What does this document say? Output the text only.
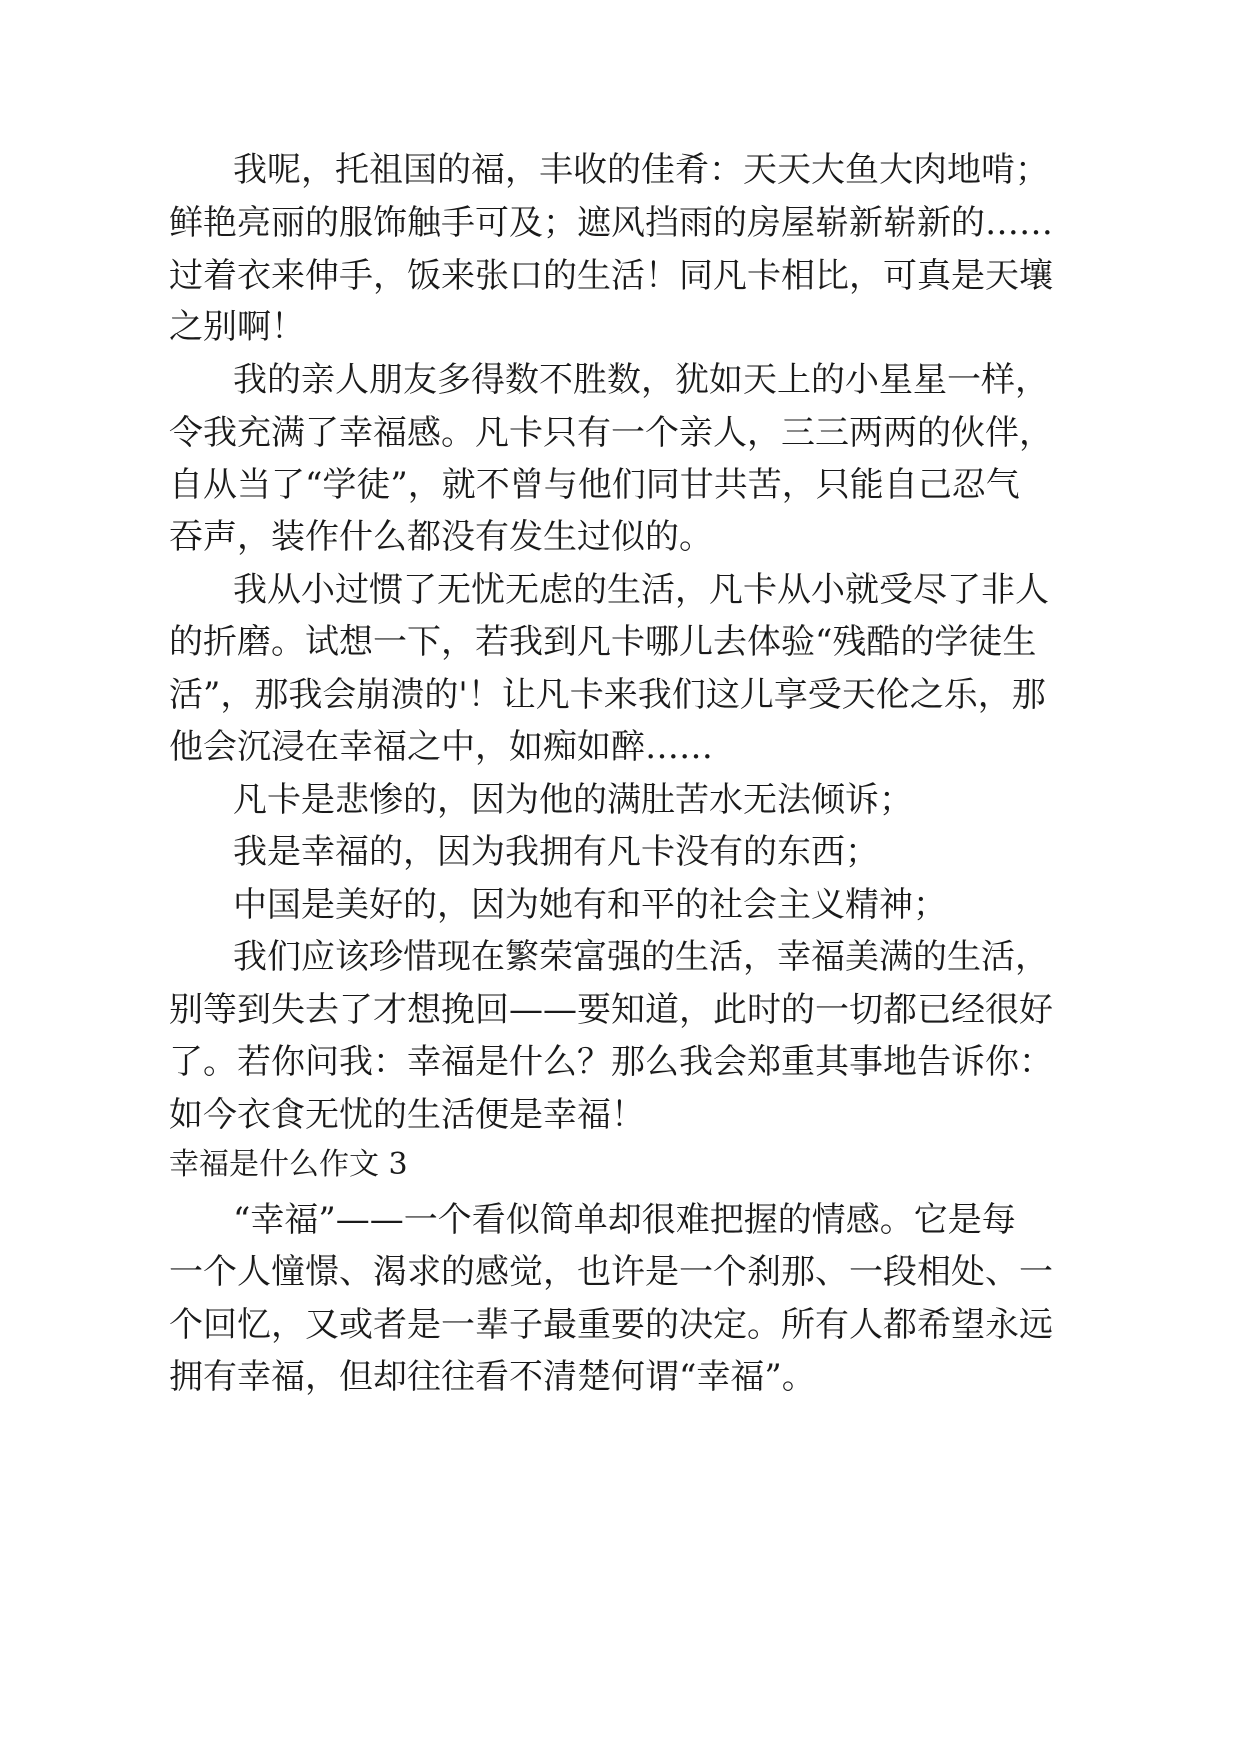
我呢，托祖国的福，丰收的佳肴：天天大鱼大肉地啃；
鲜艳亮丽的服饰触手可及；遮风挡雨的房屋崭新崭新的……
过着衣来伸手，饭来张口的生活！同凡卡相比，可真是天壤
之别啊！
我的亲人朋友多得数不胜数，犹如天上的小星星一样，
令我充满了幸福感。凡卡只有一个亲人，三三两两的伙伴，
自从当了“学徒”，就不曾与他们同甘共苦，只能自己忍气
吞声，装作什么都没有发生过似的。
我从小过惯了无忧无虑的生活，凡卡从小就受尽了非人
的折磨。试想一下，若我到凡卡哪儿去体验“残酷的学徒生
活”，那我会崩溃的'！让凡卡来我们这儿享受天伦之乐，那
他会沉浸在幸福之中，如痴如醉……
凡卡是悲惨的，因为他的满肚苦水无法倾诉；
我是幸福的，因为我拥有凡卡没有的东西；
中国是美好的，因为她有和平的社会主义精神；
我们应该珍惜现在繁荣富强的生活，幸福美满的生活，
别等到失去了才想挽回——要知道，此时的一切都已经很好
了。若你问我：幸福是什么？那么我会郑重其事地告诉你：
如今衣食无忧的生活便是幸福！
幸福是什么作文 3
“幸福”——一个看似简单却很难把握的情感。它是每
一个人憧憬、渴求的感觉，也许是一个刹那、一段相处、一
个回忆，又或者是一辈子最重要的决定。所有人都希望永远
拥有幸福，但却往往看不清楚何谓“幸福”。
